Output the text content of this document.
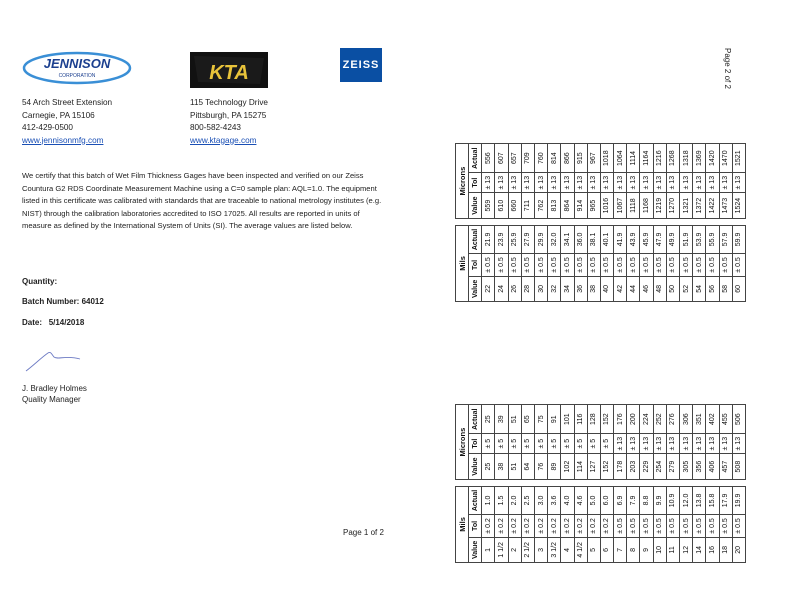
JENNISON
CORPORATION	KTA	ZEISS
54 Arch Street Extension
Carnegie, PA 15106
412-429-0500
www.jennisonmfg.com
115 Technology Drive
Pittsburgh, PA 15275
800-582-4243
www.ktagage.com
We certify that this batch of Wet Film Thickness Gages have been inspected and verified on our Zeiss Countura G2 RDS Coordinate Measurement Machine using a C=0 sample plan: AQL=1.0. The equipment listed in this certificate was calibrated with standards that are traceable to national metrology institutes (e.g. NIST) through the calibration laboratories accredited to ISO 17025. All results are reported in units of measure as defined by the International System of Units (SI). The average values are listed below.
Quantity:
Batch Number: 64012
Date: 5/14/2018
J. Bradley Holmes
Quality Manager
Page 1 of 2
Page 2 of 2
Mils				Microns		
Value	Tol	Actual		Value	Tol	Actual
1	± 0.2	1.0		25	± 5	25
1 1/2	± 0.2	1.5		38	± 5	39
2	± 0.2	2.0		51	± 5	51
2 1/2	± 0.2	2.5		64	± 5	65
3	± 0.2	3.0		76	± 5	75
3 1/2	± 0.2	3.6		89	± 5	91
4	± 0.2	4.0		102	± 5	101
4 1/2	± 0.2	4.6		114	± 5	116
5	± 0.2	5.0		127	± 5	128
6	± 0.2	6.0		152	± 5	152
7	± 0.5	6.9		178	± 13	176
8	± 0.5	7.9		203	± 13	200
9	± 0.5	8.8		229	± 13	224
10	± 0.5	9.9		254	± 13	252
11	± 0.5	10.9		279	± 13	276
12	± 0.5	12.0		305	± 13	306
14	± 0.5	13.8		356	± 13	351
16	± 0.5	15.8		406	± 13	402
18	± 0.5	17.9		457	± 13	455
20	± 0.5	19.9		508	± 13	506
Mils				Microns		
Value	Tol	Actual		Value	Tol	Actual
22	± 0.5	21.9		559	± 13	556
24	± 0.5	23.9		610	± 13	607
26	± 0.5	25.9		660	± 13	657
28	± 0.5	27.9		711	± 13	709
30	± 0.5	29.9		762	± 13	760
32	± 0.5	32.0		813	± 13	814
34	± 0.5	34.1		864	± 13	866
36	± 0.5	36.0		914	± 13	915
38	± 0.5	38.1		965	± 13	967
40	± 0.5	40.1		1016	± 13	1018
42	± 0.5	41.9		1067	± 13	1064
44	± 0.5	43.9		1118	± 13	1114
46	± 0.5	45.9		1168	± 13	1164
48	± 0.5	47.9		1219	± 13	1216
50	± 0.5	49.9		1270	± 13	1268
52	± 0.5	51.9		1321	± 13	1318
54	± 0.5	53.9		1372	± 13	1369
56	± 0.5	55.9		1422	± 13	1420
58	± 0.5	57.9		1473	± 13	1470
60	± 0.5	59.9		1524	± 13	1521
